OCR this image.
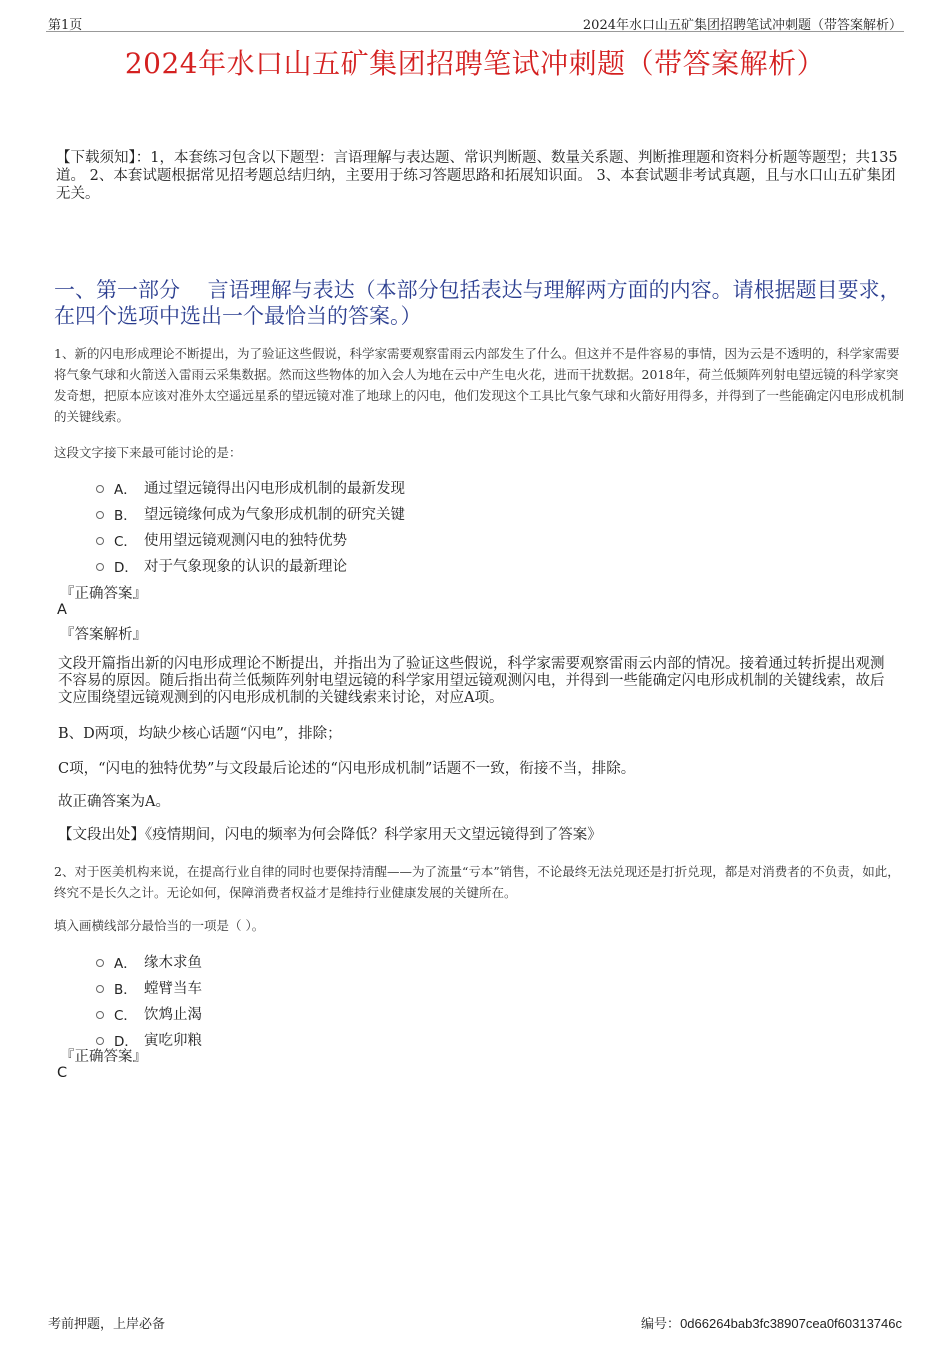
第1页	2024年水口山五矿集团招聘笔试冲刺题（带答案解析）
2024年水口山五矿集团招聘笔试冲刺题（带答案解析）
【下载须知】：1，本套练习包含以下题型：言语理解与表达题、常识判断题、数量关系题、判断推理题和资料分析题等题型；共135道。 2、本套试题根据常见招考题总结归纳，主要用于练习答题思路和拓展知识面。 3、本套试题非考试真题，且与水口山五矿集团无关。
一、第一部分　 言语理解与表达（本部分包括表达与理解两方面的内容。请根据题目要求，在四个选项中选出一个最恰当的答案。）
1、新的闪电形成理论不断提出，为了验证这些假说，科学家需要观察雷雨云内部发生了什么。但这并不是件容易的事情，因为云是不透明的，科学家需要将气象气球和火箭送入雷雨云采集数据。然而这些物体的加入会人为地在云中产生电火花，进而干扰数据。2018年，荷兰低频阵列射电望远镜的科学家突发奇想，把原本应该对准外太空遥远星系的望远镜对准了地球上的闪电，他们发现这个工具比气象气球和火箭好用得多，并得到了一些能确定闪电形成机制的关键线索。
这段文字接下来最可能讨论的是：
A． 通过望远镜得出闪电形成机制的最新发现
B． 望远镜缘何成为气象形成机制的研究关键
C． 使用望远镜观测闪电的独特优势
D． 对于气象现象的认识的最新理论
『正确答案』
A
『答案解析』
文段开篇指出新的闪电形成理论不断提出，并指出为了验证这些假说，科学家需要观察雷雨云内部的情况。接着通过转折提出观测不容易的原因。随后指出荷兰低频阵列射电望远镜的科学家用望远镜观测闪电，并得到一些能确定闪电形成机制的关键线索，故后文应围绕望远镜观测到的闪电形成机制的关键线索来讨论，对应A项。
B、D两项，均缺少核心话题“闪电”，排除；
C项，“闪电的独特优势”与文段最后论述的“闪电形成机制”话题不一致，衔接不当，排除。
故正确答案为A。
【文段出处】《疫情期间，闪电的频率为何会降低？科学家用天文望远镜得到了答案》
2、对于医美机构来说，在提高行业自律的同时也要保持清醒——为了流量“亏本”销售，不论最终无法兑现还是打折兑现，都是对消费者的不负责，如此，终究不是长久之计。无论如何，保障消费者权益才是维持行业健康发展的关键所在。
填入画横线部分最恰当的一项是（ ）。
A． 缘木求鱼
B． 螳臂当车
C． 饮鸩止渴
D． 寅吃卯粮
『正确答案』
C
考前押题，上岸必备	编号：0d66264bab3fc38907cea0f60313746c
